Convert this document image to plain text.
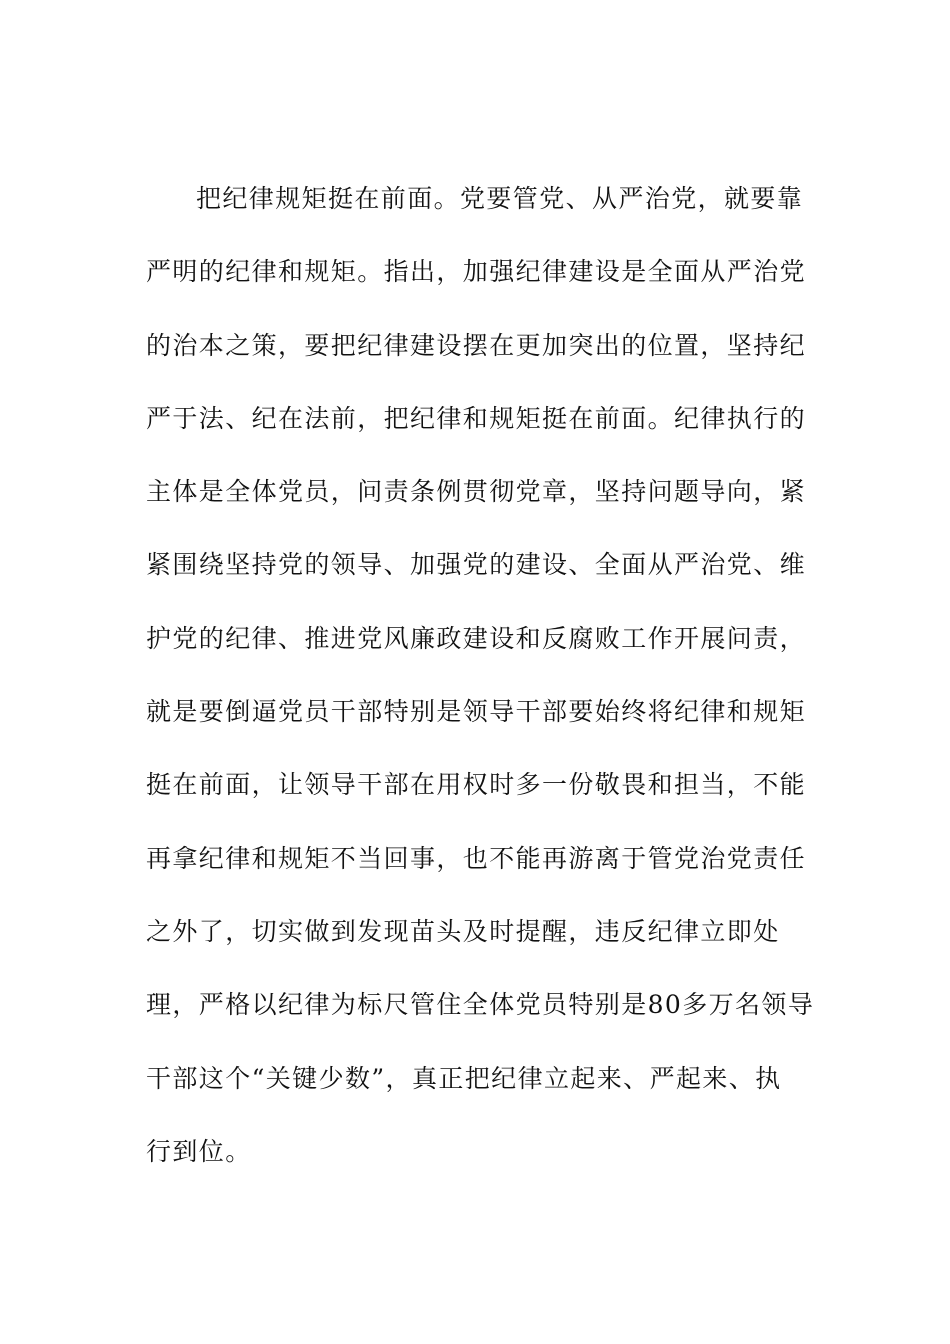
把纪律规矩挺在前面。党要管党、从严治党，就要靠
严明的纪律和规矩。指出，加强纪律建设是全面从严治党
的治本之策，要把纪律建设摆在更加突出的位置，坚持纪
严于法、纪在法前，把纪律和规矩挺在前面。纪律执行的
主体是全体党员，问责条例贯彻党章，坚持问题导向，紧
紧围绕坚持党的领导、加强党的建设、全面从严治党、维
护党的纪律、推进党风廉政建设和反腐败工作开展问责，
就是要倒逼党员干部特别是领导干部要始终将纪律和规矩
挺在前面，让领导干部在用权时多一份敬畏和担当，不能
再拿纪律和规矩不当回事，也不能再游离于管党治党责任
之外了，切实做到发现苗头及时提醒，违反纪律立即处
理，严格以纪律为标尺管住全体党员特别是80多万名领导
干部这个“关键少数”，真正把纪律立起来、严起来、执
行到位。
